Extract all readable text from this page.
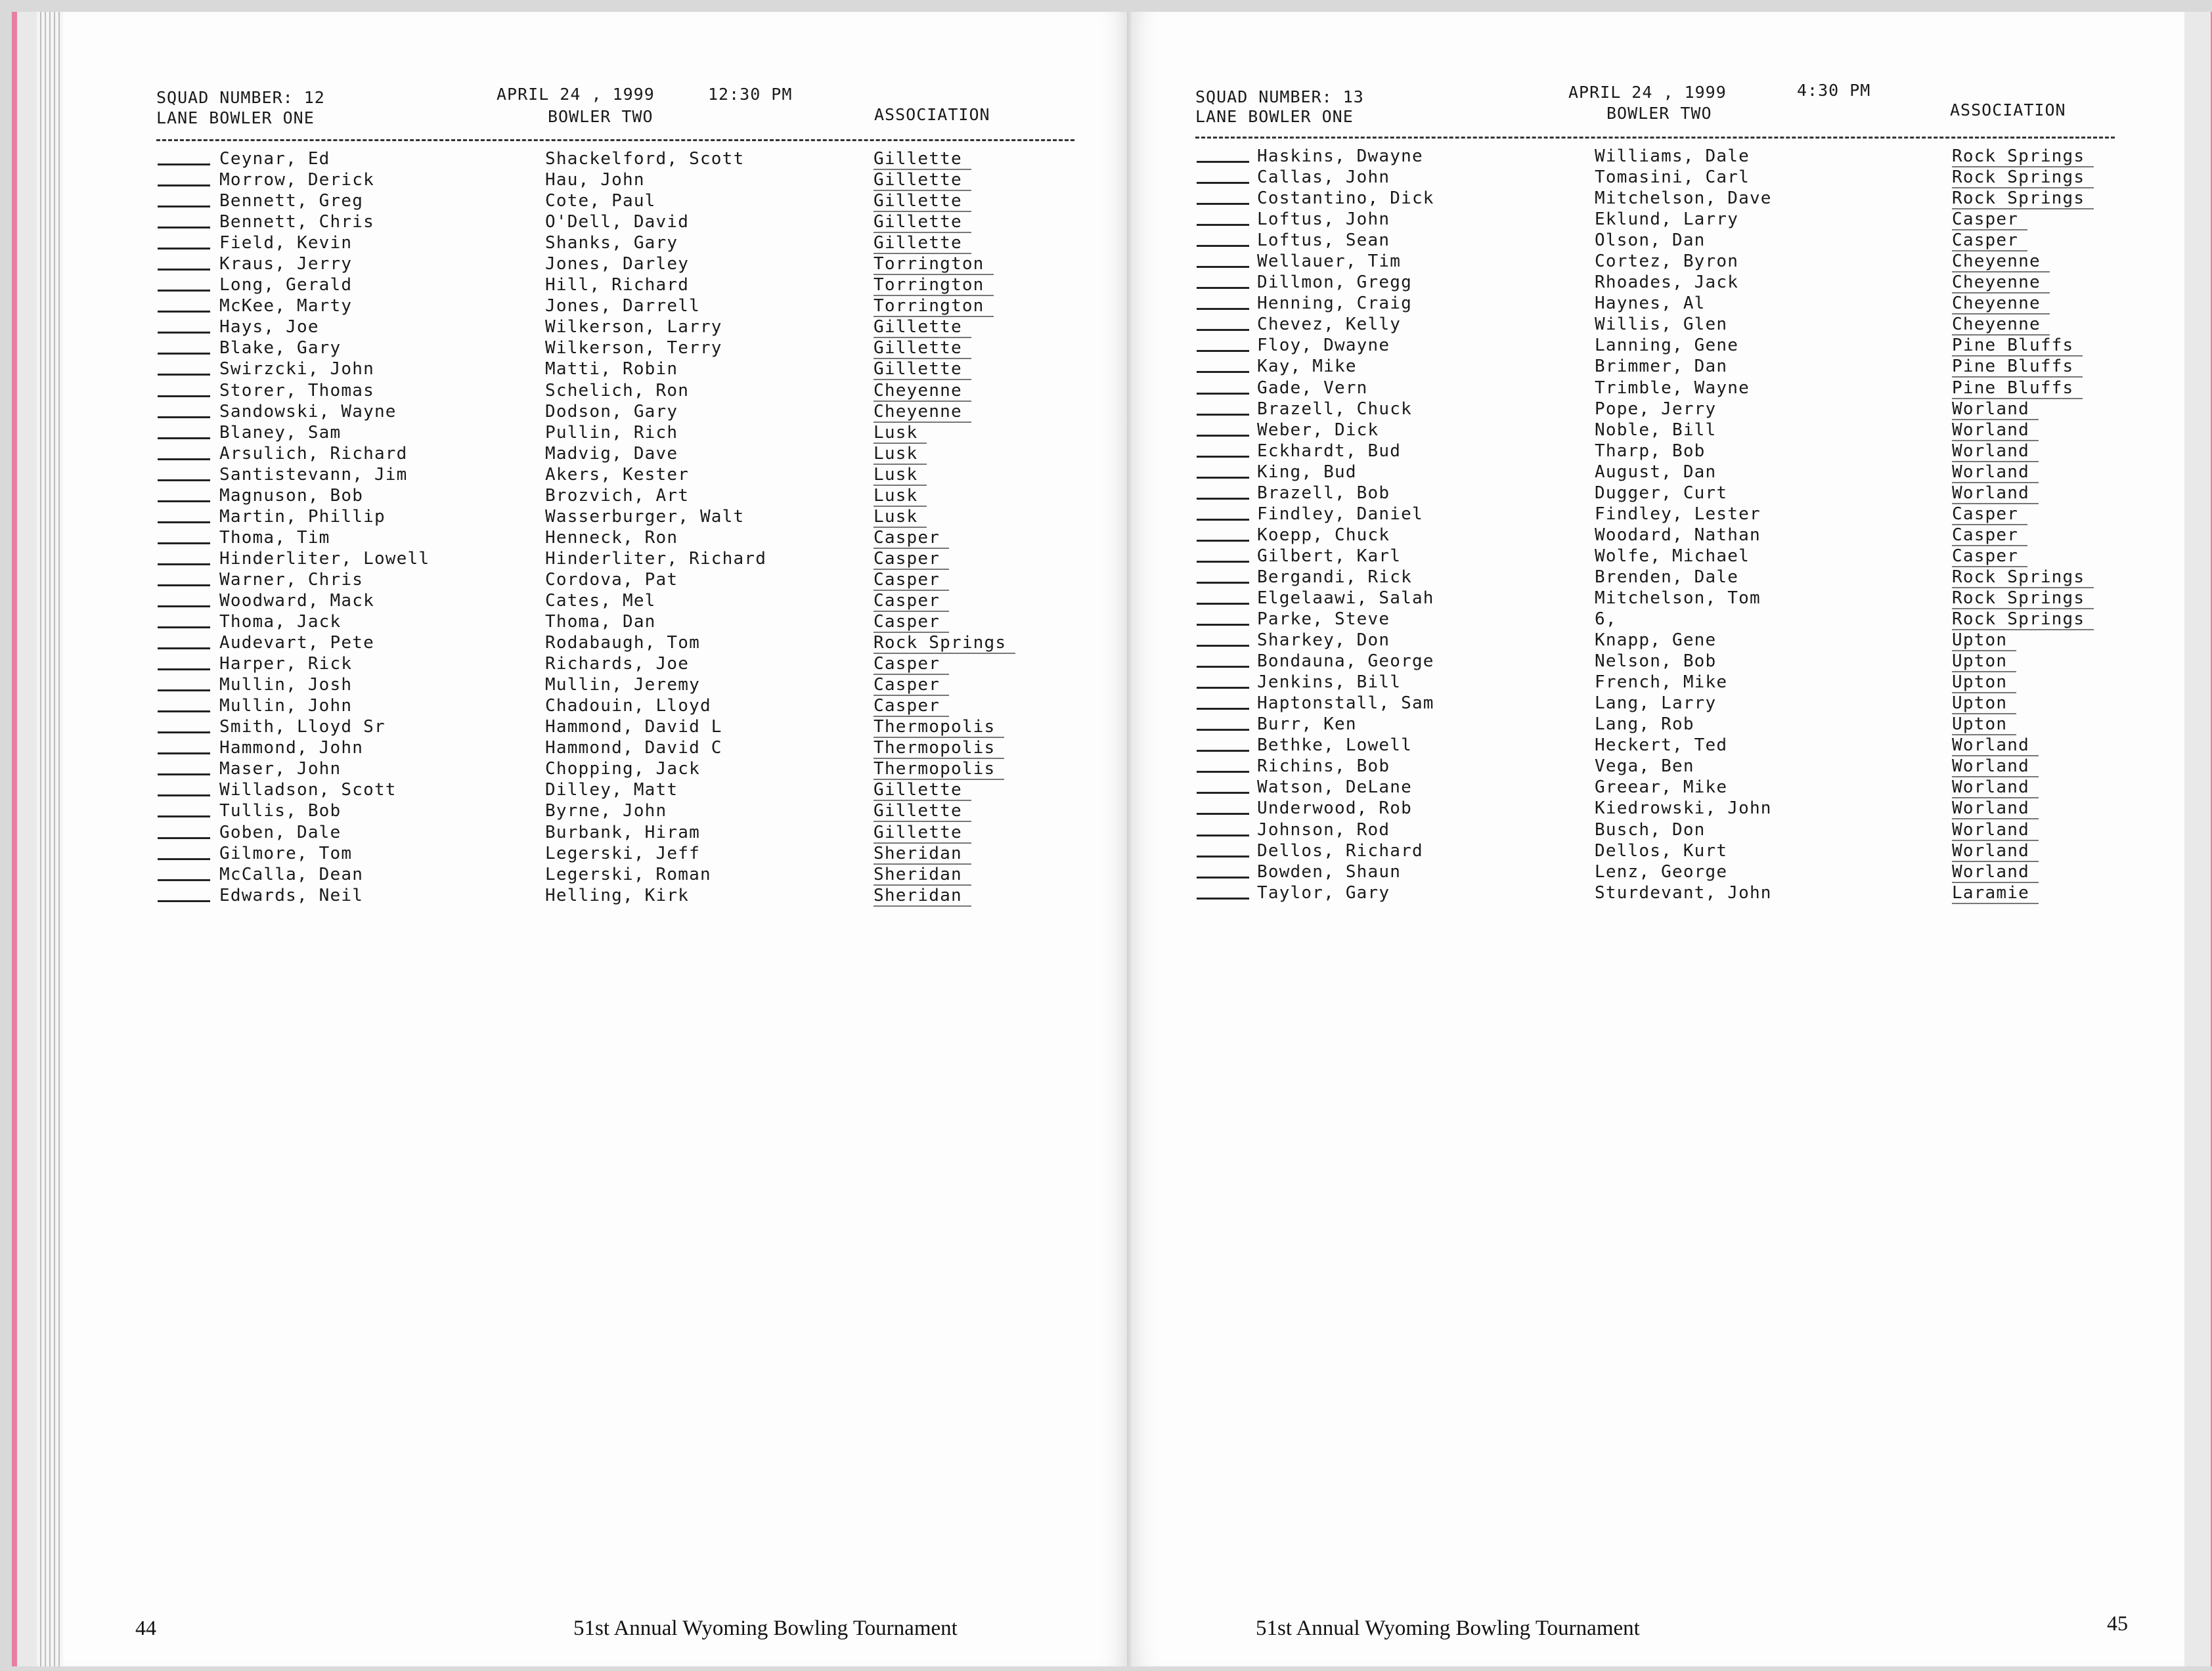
SQUAD NUMBER: 12	APRIL 24 , 1999	12:30 PM
LANE BOWLER ONE	BOWLER TWO	ASSOCIATION
Ceynar, Ed	Shackelford, Scott	Gillette
Morrow, Derick	Hau, John	Gillette
Bennett, Greg	Cote, Paul	Gillette
Bennett, Chris	O'Dell, David	Gillette
Field, Kevin	Shanks, Gary	Gillette
Kraus, Jerry	Jones, Darley	Torrington
Long, Gerald	Hill, Richard	Torrington
McKee, Marty	Jones, Darrell	Torrington
Hays, Joe	Wilkerson, Larry	Gillette
Blake, Gary	Wilkerson, Terry	Gillette
Swirzcki, John	Matti, Robin	Gillette
Storer, Thomas	Schelich, Ron	Cheyenne
Sandowski, Wayne	Dodson, Gary	Cheyenne
Blaney, Sam	Pullin, Rich	Lusk
Arsulich, Richard	Madvig, Dave	Lusk
Santistevann, Jim	Akers, Kester	Lusk
Magnuson, Bob	Brozvich, Art	Lusk
Martin, Phillip	Wasserburger, Walt	Lusk
Thoma, Tim	Henneck, Ron	Casper
Hinderliter, Lowell	Hinderliter, Richard	Casper
Warner, Chris	Cordova, Pat	Casper
Woodward, Mack	Cates, Mel	Casper
Thoma, Jack	Thoma, Dan	Casper
Audevart, Pete	Rodabaugh, Tom	Rock Springs
Harper, Rick	Richards, Joe	Casper
Mullin, Josh	Mullin, Jeremy	Casper
Mullin, John	Chadouin, Lloyd	Casper
Smith, Lloyd Sr	Hammond, David L	Thermopolis
Hammond, John	Hammond, David C	Thermopolis
Maser, John	Chopping, Jack	Thermopolis
Willadson, Scott	Dilley, Matt	Gillette
Tullis, Bob	Byrne, John	Gillette
Goben, Dale	Burbank, Hiram	Gillette
Gilmore, Tom	Legerski, Jeff	Sheridan
McCalla, Dean	Legerski, Roman	Sheridan
Edwards, Neil	Helling, Kirk	Sheridan
44	51st Annual Wyoming Bowling Tournament
SQUAD NUMBER: 13	APRIL 24 , 1999	4:30 PM
LANE BOWLER ONE	BOWLER TWO	ASSOCIATION
Haskins, Dwayne	Williams, Dale	Rock Springs
Callas, John	Tomasini, Carl	Rock Springs
Costantino, Dick	Mitchelson, Dave	Rock Springs
Loftus, John	Eklund, Larry	Casper
Loftus, Sean	Olson, Dan	Casper
Wellauer, Tim	Cortez, Byron	Cheyenne
Dillmon, Gregg	Rhoades, Jack	Cheyenne
Henning, Craig	Haynes, Al	Cheyenne
Chevez, Kelly	Willis, Glen	Cheyenne
Floy, Dwayne	Lanning, Gene	Pine Bluffs
Kay, Mike	Brimmer, Dan	Pine Bluffs
Gade, Vern	Trimble, Wayne	Pine Bluffs
Brazell, Chuck	Pope, Jerry	Worland
Weber, Dick	Noble, Bill	Worland
Eckhardt, Bud	Tharp, Bob	Worland
King, Bud	August, Dan	Worland
Brazell, Bob	Dugger, Curt	Worland
Findley, Daniel	Findley, Lester	Casper
Koepp, Chuck	Woodard, Nathan	Casper
Gilbert, Karl	Wolfe, Michael	Casper
Bergandi, Rick	Brenden, Dale	Rock Springs
Elgelaawi, Salah	Mitchelson, Tom	Rock Springs
Parke, Steve	6,	Rock Springs
Sharkey, Don	Knapp, Gene	Upton
Bondauna, George	Nelson, Bob	Upton
Jenkins, Bill	French, Mike	Upton
Haptonstall, Sam	Lang, Larry	Upton
Burr, Ken	Lang, Rob	Upton
Bethke, Lowell	Heckert, Ted	Worland
Richins, Bob	Vega, Ben	Worland
Watson, DeLane	Greear, Mike	Worland
Underwood, Rob	Kiedrowski, John	Worland
Johnson, Rod	Busch, Don	Worland
Dellos, Richard	Dellos, Kurt	Worland
Bowden, Shaun	Lenz, George	Worland
Taylor, Gary	Sturdevant, John	Laramie
51st Annual Wyoming Bowling Tournament	45
